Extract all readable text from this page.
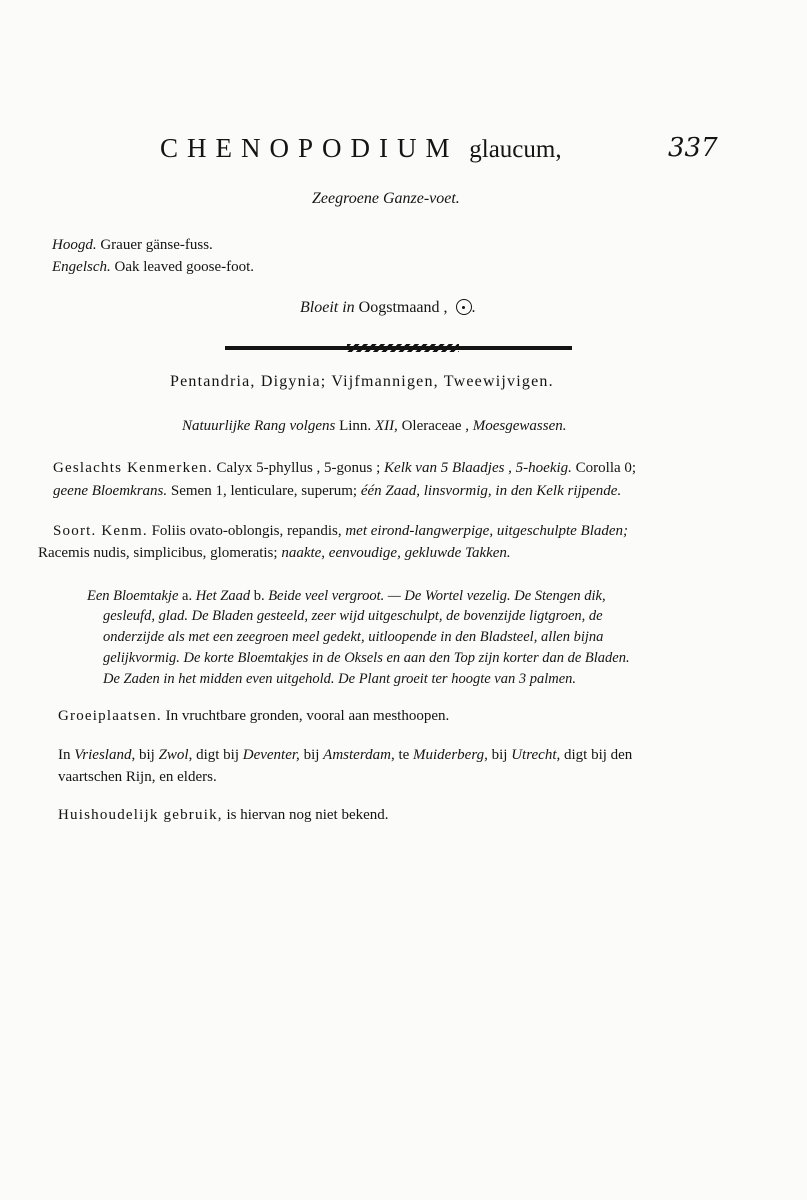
CHENOPODIUM glaucum,	337
Zeegroene Ganze-voet.
Hoogd. Grauer gänse-fuss.
Engelsch. Oak leaved goose-foot.
Bloeit in Oogstmaand , .
Pentandria, Digynia; Vijfmannigen, Tweewijvigen.
Natuurlijke Rang volgens Linn. XII, Oleraceae , Moesgewassen.
Geslachts Kenmerken. Calyx 5-phyllus , 5-gonus ; Kelk van 5 Blaadjes , 5-hoekig. Corolla 0;
geene Bloemkrans. Semen 1, lenticulare, superum; één Zaad, linsvormig, in den Kelk rijpende.
Soort. Kenm. Foliis ovato-oblongis, repandis, met eirond-langwerpige, uitgeschulpte Bladen;
Racemis nudis, simplicibus, glomeratis; naakte, eenvoudige, gekluwde Takken.
Een Bloemtakje a. Het Zaad b. Beide veel vergroot. — De Wortel vezelig. De Stengen dik,
gesleufd, glad. De Bladen gesteeld, zeer wijd uitgeschulpt, de bovenzijde ligtgroen, de
onderzijde als met een zeegroen meel gedekt, uitloopende in den Bladsteel, allen bijna
gelijkvormig. De korte Bloemtakjes in de Oksels en aan den Top zijn korter dan de Bladen.
De Zaden in het midden even uitgehold. De Plant groeit ter hoogte van 3 palmen.
Groeiplaatsen. In vruchtbare gronden, vooral aan mesthoopen.
In Vriesland, bij Zwol, digt bij Deventer, bij Amsterdam, te Muiderberg, bij Utrecht, digt bij den
vaartschen Rijn, en elders.
Huishoudelijk gebruik, is hiervan nog niet bekend.
